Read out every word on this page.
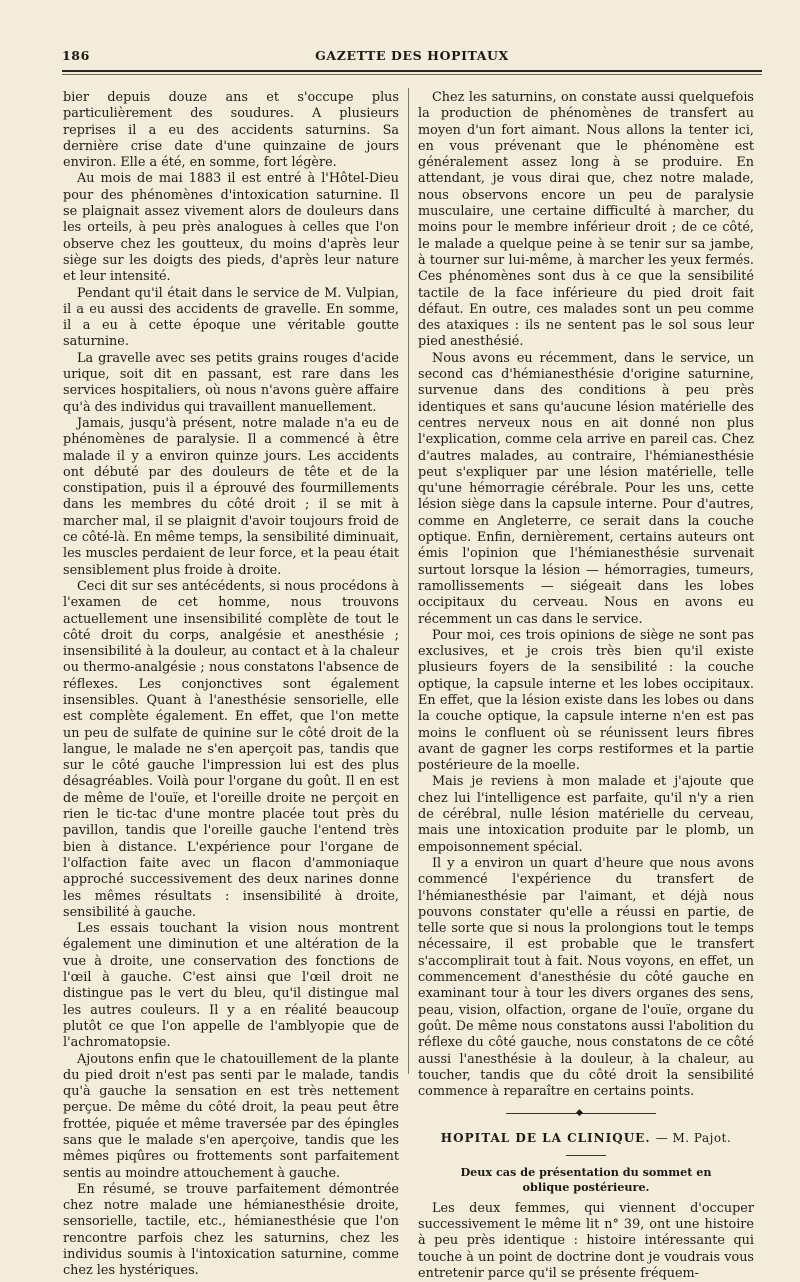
186	GAZETTE DES HOPITAUX

bier depuis douze ans et s'occupe plus particulièrement des soudures. A plusieurs reprises il a eu des accidents saturnins. Sa dernière crise date d'une quinzaine de jours environ. Elle a été, en somme, fort légère.

Au mois de mai 1883 il est entré à l'Hôtel-Dieu pour des phénomènes d'intoxication saturnine. Il se plaignait assez vivement alors de douleurs dans les orteils, à peu près analogues à celles que l'on observe chez les goutteux, du moins d'après leur siège sur les doigts des pieds, d'après leur nature et leur intensité.

Pendant qu'il était dans le service de M. Vulpian, il a eu aussi des accidents de gravelle. En somme, il a eu à cette époque une véritable goutte saturnine.

La gravelle avec ses petits grains rouges d'acide urique, soit dit en passant, est rare dans les services hospitaliers, où nous n'avons guère affaire qu'à des individus qui travaillent manuellement.

Jamais, jusqu'à présent, notre malade n'a eu de phénomènes de paralysie. Il a commencé à être malade il y a environ quinze jours. Les accidents ont débuté par des douleurs de tête et de la constipation, puis il a éprouvé des fourmillements dans les membres du côté droit ; il se mit à marcher mal, il se plaignit d'avoir toujours froid de ce côté-là. En même temps, la sensibilité diminuait, les muscles perdaient de leur force, et la peau était sensiblement plus froide à droite.

Ceci dit sur ses antécédents, si nous procédons à l'examen de cet homme, nous trouvons actuellement une insensibilité complète de tout le côté droit du corps, analgésie et anesthésie ; insensibilité à la douleur, au contact et à la chaleur ou thermo-analgésie ; nous constatons l'absence de réflexes. Les conjonctives sont également insensibles. Quant à l'anesthésie sensorielle, elle est complète également. En effet, que l'on mette un peu de sulfate de quinine sur le côté droit de la langue, le malade ne s'en aperçoit pas, tandis que sur le côté gauche l'impression lui est des plus désagréables. Voilà pour l'organe du goût. Il en est de même de l'ouïe, et l'oreille droite ne perçoit en rien le tic-tac d'une montre placée tout près du pavillon, tandis que l'oreille gauche l'entend très bien à distance. L'expérience pour l'organe de l'olfaction faite avec un flacon d'ammoniaque approché successivement des deux narines donne les mêmes résultats : insensibilité à droite, sensibilité à gauche.

Les essais touchant la vision nous montrent également une diminution et une altération de la vue à droite, une conservation des fonctions de l'œil à gauche. C'est ainsi que l'œil droit ne distingue pas le vert du bleu, qu'il distingue mal les autres couleurs. Il y a en réalité beaucoup plutôt ce que l'on appelle de l'amblyopie que de l'achromatopsie.

Ajoutons enfin que le chatouillement de la plante du pied droit n'est pas senti par le malade, tandis qu'à gauche la sensation en est très nettement perçue. De même du côté droit, la peau peut être frottée, piquée et même traversée par des épingles sans que le malade s'en aperçoive, tandis que les mêmes piqûres ou frottements sont parfaitement sentis au moindre attouchement à gauche.

En résumé, se trouve parfaitement démontrée chez notre malade une hémianesthésie droite, sensorielle, tactile, etc., hémianesthésie que l'on rencontre parfois chez les saturnins, chez les individus soumis à l'intoxication saturnine, comme chez les hystériques.

Chez les saturnins, on constate aussi quelquefois la production de phénomènes de transfert au moyen d'un fort aimant. Nous allons la tenter ici, en vous prévenant que le phénomène est généralement assez long à se produire. En attendant, je vous dirai que, chez notre malade, nous observons encore un peu de paralysie musculaire, une certaine difficulté à marcher, du moins pour le membre inférieur droit ; de ce côté, le malade a quelque peine à se tenir sur sa jambe, à tourner sur lui-même, à marcher les yeux fermés. Ces phénomènes sont dus à ce que la sensibilité tactile de la face inférieure du pied droit fait défaut. En outre, ces malades sont un peu comme des ataxiques : ils ne sentent pas le sol sous leur pied anesthésié.

Nous avons eu récemment, dans le service, un second cas d'hémianesthésie d'origine saturnine, survenue dans des conditions à peu près identiques et sans qu'aucune lésion matérielle des centres nerveux nous en ait donné non plus l'explication, comme cela arrive en pareil cas. Chez d'autres malades, au contraire, l'hémianesthésie peut s'expliquer par une lésion matérielle, telle qu'une hémorragie cérébrale. Pour les uns, cette lésion siège dans la capsule interne. Pour d'autres, comme en Angleterre, ce serait dans la couche optique. Enfin, dernièrement, certains auteurs ont émis l'opinion que l'hémianesthésie survenait surtout lorsque la lésion — hémorragies, tumeurs, ramollissements — siégeait dans les lobes occipitaux du cerveau. Nous en avons eu récemment un cas dans le service.

Pour moi, ces trois opinions de siège ne sont pas exclusives, et je crois très bien qu'il existe plusieurs foyers de la sensibilité : la couche optique, la capsule interne et les lobes occipitaux. En effet, que la lésion existe dans les lobes ou dans la couche optique, la capsule interne n'en est pas moins le confluent où se réunissent leurs fibres avant de gagner les corps restiformes et la partie postérieure de la moelle.

Mais je reviens à mon malade et j'ajoute que chez lui l'intelligence est parfaite, qu'il n'y a rien de cérébral, nulle lésion matérielle du cerveau, mais une intoxication produite par le plomb, un empoisonnement spécial.

Il y a environ un quart d'heure que nous avons commencé l'expérience du transfert de l'hémianesthésie par l'aimant, et déjà nous pouvons constater qu'elle a réussi en partie, de telle sorte que si nous la prolongions tout le temps nécessaire, il est probable que le transfert s'accomplirait tout à fait. Nous voyons, en effet, un commencement d'anesthésie du côté gauche en examinant tour à tour les divers organes des sens, peau, vision, olfaction, organe de l'ouïe, organe du goût. De même nous constatons aussi l'abolition du réflexe du côté gauche, nous constatons de ce côté aussi l'anesthésie à la douleur, à la chaleur, au toucher, tandis que du côté droit la sensibilité commence à reparaître en certains points.

◆
HOPITAL DE LA CLINIQUE. — M. Pajot.
Deux cas de présentation du sommet en oblique postérieure.

Les deux femmes, qui viennent d'occuper successivement le même lit n° 39, ont une histoire à peu près identique : histoire intéressante qui touche à un point de doctrine dont je voudrais vous entretenir parce qu'il se présente fréquem-
